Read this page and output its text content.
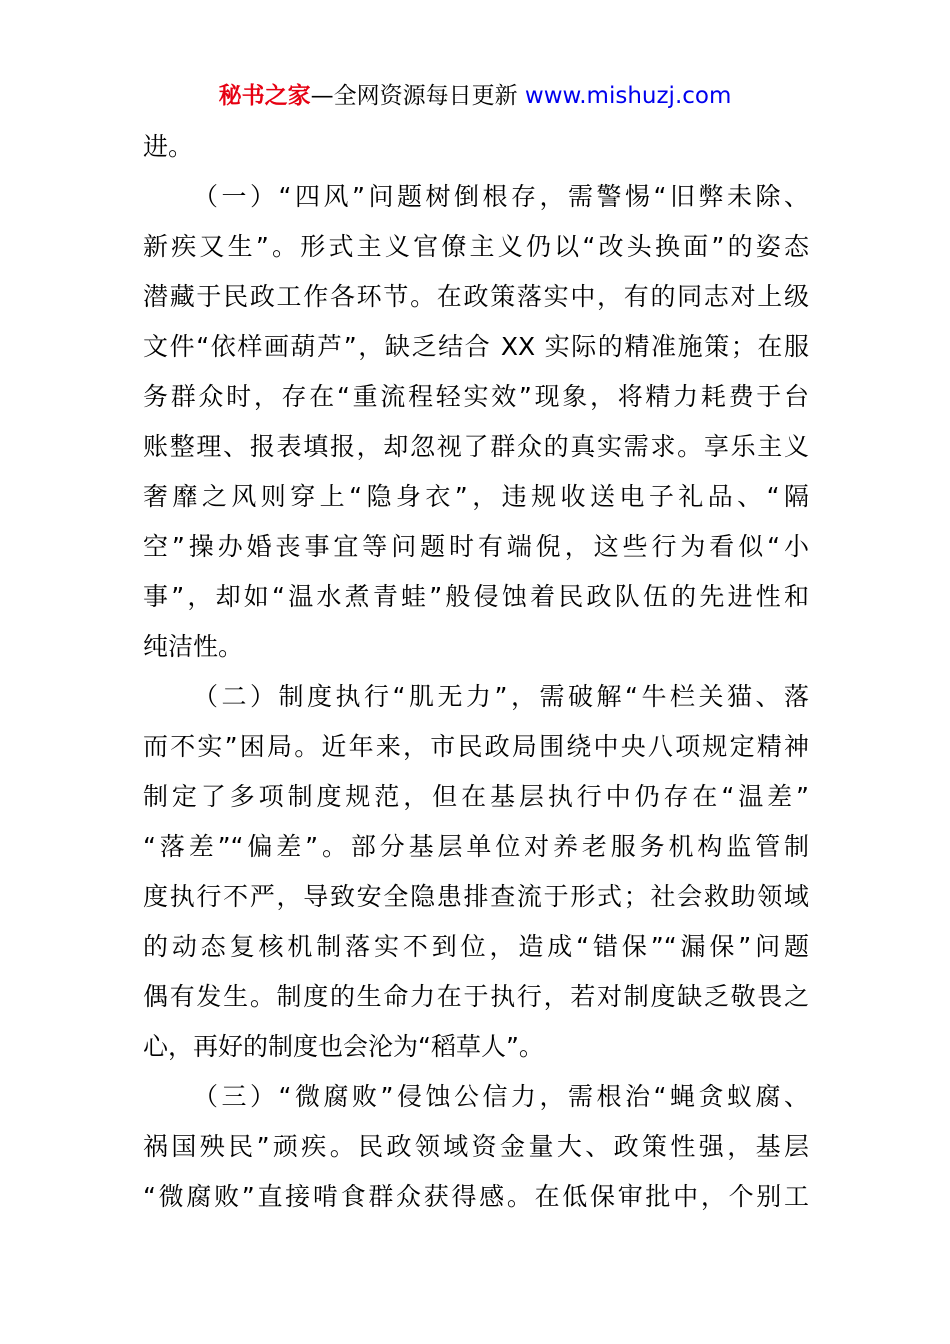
秘书之家—全网资源每日更新 www.mishuzj.com
进。
（一）“四风”问题树倒根存，需警惕“旧弊未除、
新疾又生”。形式主义官僚主义仍以“改头换面”的姿态
潜藏于民政工作各环节。在政策落实中，有的同志对上级
文件“依样画葫芦”，缺乏结合 XX 实际的精准施策；在服
务群众时，存在“重流程轻实效”现象，将精力耗费于台
账整理、报表填报，却忽视了群众的真实需求。享乐主义
奢靡之风则穿上“隐身衣”，违规收送电子礼品、“隔
空”操办婚丧事宜等问题时有端倪，这些行为看似“小
事”，却如“温水煮青蛙”般侵蚀着民政队伍的先进性和
纯洁性。
（二）制度执行“肌无力”，需破解“牛栏关猫、落
而不实”困局。近年来，市民政局围绕中央八项规定精神
制定了多项制度规范，但在基层执行中仍存在“温差”
“落差”“偏差”。部分基层单位对养老服务机构监管制
度执行不严，导致安全隐患排查流于形式；社会救助领域
的动态复核机制落实不到位，造成“错保”“漏保”问题
偶有发生。制度的生命力在于执行，若对制度缺乏敬畏之
心，再好的制度也会沦为“稻草人”。
（三）“微腐败”侵蚀公信力，需根治“蝇贪蚁腐、
祸国殃民”顽疾。民政领域资金量大、政策性强，基层
“微腐败”直接啃食群众获得感。在低保审批中，个别工
